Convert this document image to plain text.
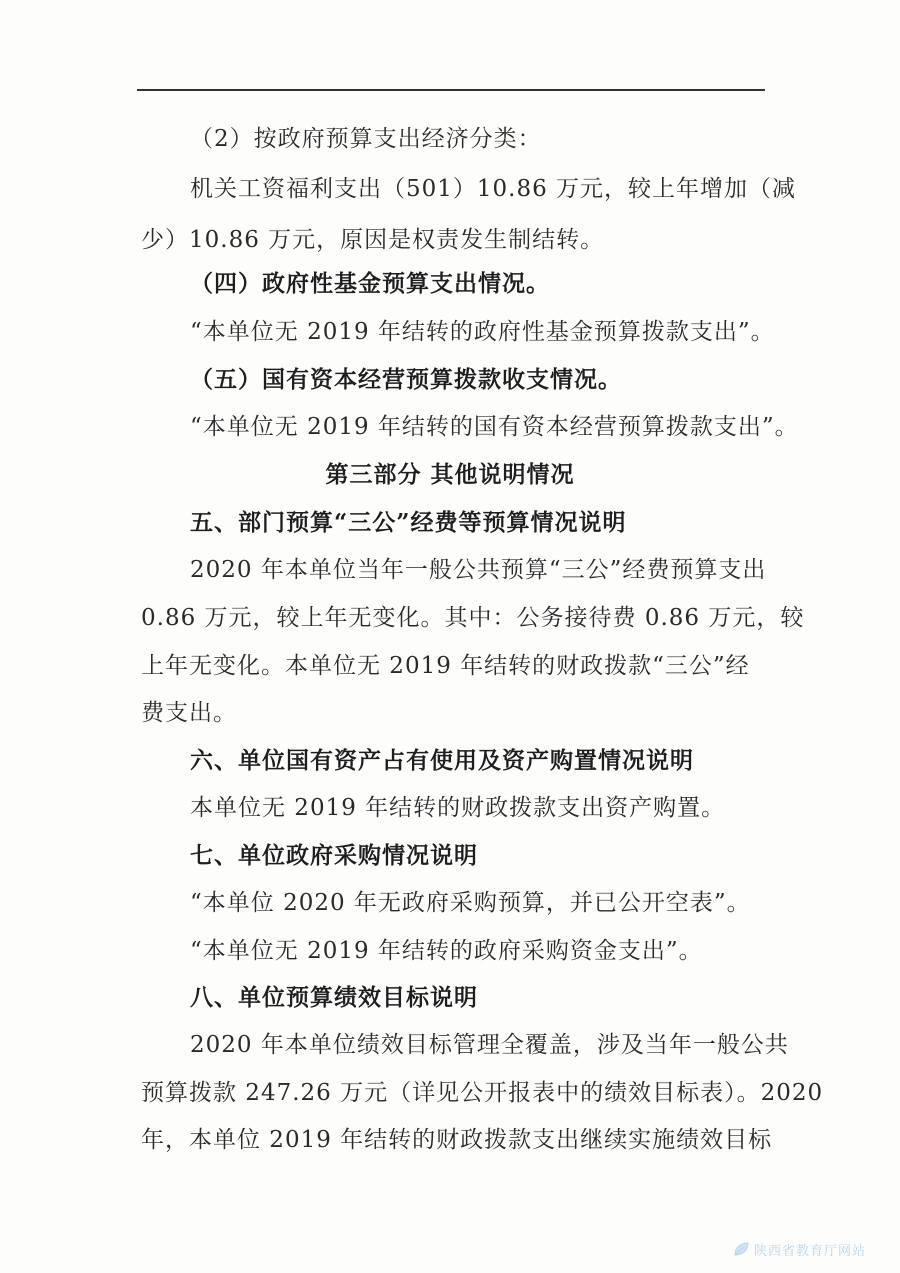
（2）按政府预算支出经济分类：
机关工资福利支出（501）10.86 万元，较上年增加（减
少）10.86 万元，原因是权责发生制结转。
（四）政府性基金预算支出情况。
“本单位无 2019 年结转的政府性基金预算拨款支出”。
（五）国有资本经营预算拨款收支情况。
“本单位无 2019 年结转的国有资本经营预算拨款支出”。
第三部分 其他说明情况
五、部门预算“三公”经费等预算情况说明
2020 年本单位当年一般公共预算“三公”经费预算支出
0.86 万元，较上年无变化。其中：公务接待费 0.86 万元，较
上年无变化。本单位无 2019 年结转的财政拨款“三公”经
费支出。
六、单位国有资产占有使用及资产购置情况说明
本单位无 2019 年结转的财政拨款支出资产购置。
七、单位政府采购情况说明
“本单位 2020 年无政府采购预算，并已公开空表”。
“本单位无 2019 年结转的政府采购资金支出”。
八、单位预算绩效目标说明
2020 年本单位绩效目标管理全覆盖，涉及当年一般公共
预算拨款 247.26 万元（详见公开报表中的绩效目标表）。2020
年，本单位 2019 年结转的财政拨款支出继续实施绩效目标
陕西省教育厅网站
